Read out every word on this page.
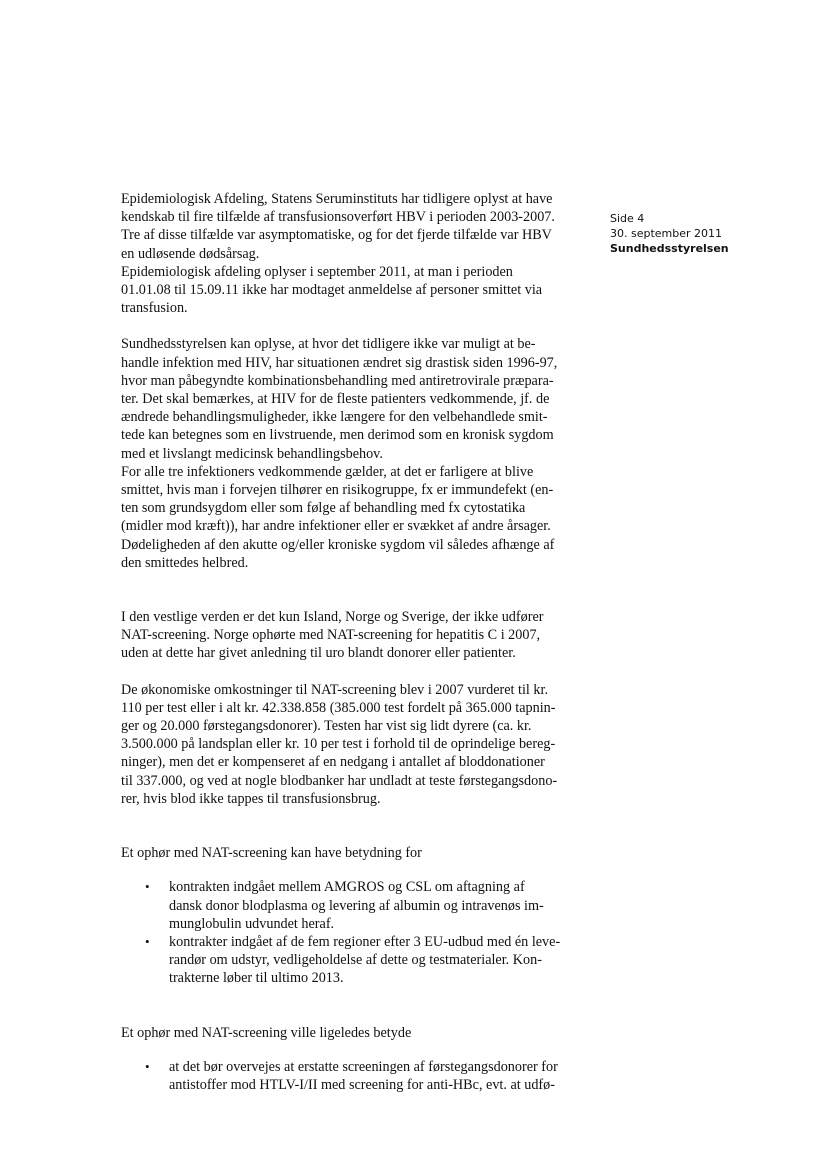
Side 4
30. september 2011
Sundhedsstyrelsen

Epidemiologisk Afdeling, Statens Seruminstituts har tidligere oplyst at have
kendskab til fire tilfælde af transfusionsoverført HBV i perioden 2003-2007.
Tre af disse tilfælde var asymptomatiske, og for det fjerde tilfælde var HBV
en udløsende dødsårsag.
Epidemiologisk afdeling oplyser i september 2011, at man i perioden
01.01.08 til 15.09.11 ikke har modtaget anmeldelse af personer smittet via
transfusion.

Sundhedsstyrelsen kan oplyse, at hvor det tidligere ikke var muligt at be-
handle infektion med HIV, har situationen ændret sig drastisk siden 1996-97,
hvor man påbegyndte kombinationsbehandling med antiretrovirale præpara-
ter. Det skal bemærkes, at HIV for de fleste patienters vedkommende, jf. de
ændrede behandlingsmuligheder, ikke længere for den velbehandlede smit-
tede kan betegnes som en livstruende, men derimod som en kronisk sygdom
med et livslangt medicinsk behandlingsbehov.
For alle tre infektioners vedkommende gælder, at det er farligere at blive
smittet, hvis man i forvejen tilhører en risikogruppe, fx er immundefekt (en-
ten som grundsygdom eller som følge af behandling med fx cytostatika
(midler mod kræft)), har andre infektioner eller er svækket af andre årsager.
Dødeligheden af den akutte og/eller kroniske sygdom vil således afhænge af
den smittedes helbred.

I den vestlige verden er det kun Island, Norge og Sverige, der ikke udfører
NAT-screening. Norge ophørte med NAT-screening for hepatitis C i 2007,
uden at dette har givet anledning til uro blandt donorer eller patienter.

De økonomiske omkostninger til NAT-screening blev i 2007 vurderet til kr.
110 per test eller i alt kr. 42.338.858 (385.000 test fordelt på 365.000 tapnin-
ger og 20.000 førstegangsdonorer). Testen har vist sig lidt dyrere (ca. kr.
3.500.000 på landsplan eller kr. 10 per test i forhold til de oprindelige bereg-
ninger), men det er kompenseret af en nedgang i antallet af bloddonationer
til 337.000, og ved at nogle blodbanker har undladt at teste førstegangsdono-
rer, hvis blod ikke tappes til transfusionsbrug.

Et ophør med NAT-screening kan have betydning for

• kontrakten indgået mellem AMGROS og CSL om aftagning af
dansk donor blodplasma og levering af albumin og intravenøs im-
munglobulin udvundet heraf.
• kontrakter indgået af de fem regioner efter 3 EU-udbud med én leve-
randør om udstyr, vedligeholdelse af dette og testmaterialer. Kon-
trakterne løber til ultimo 2013.

Et ophør med NAT-screening ville ligeledes betyde

• at det bør overvejes at erstatte screeningen af førstegangsdonorer for
antistoffer mod HTLV-I/II med screening for anti-HBc, evt. at udfø-
